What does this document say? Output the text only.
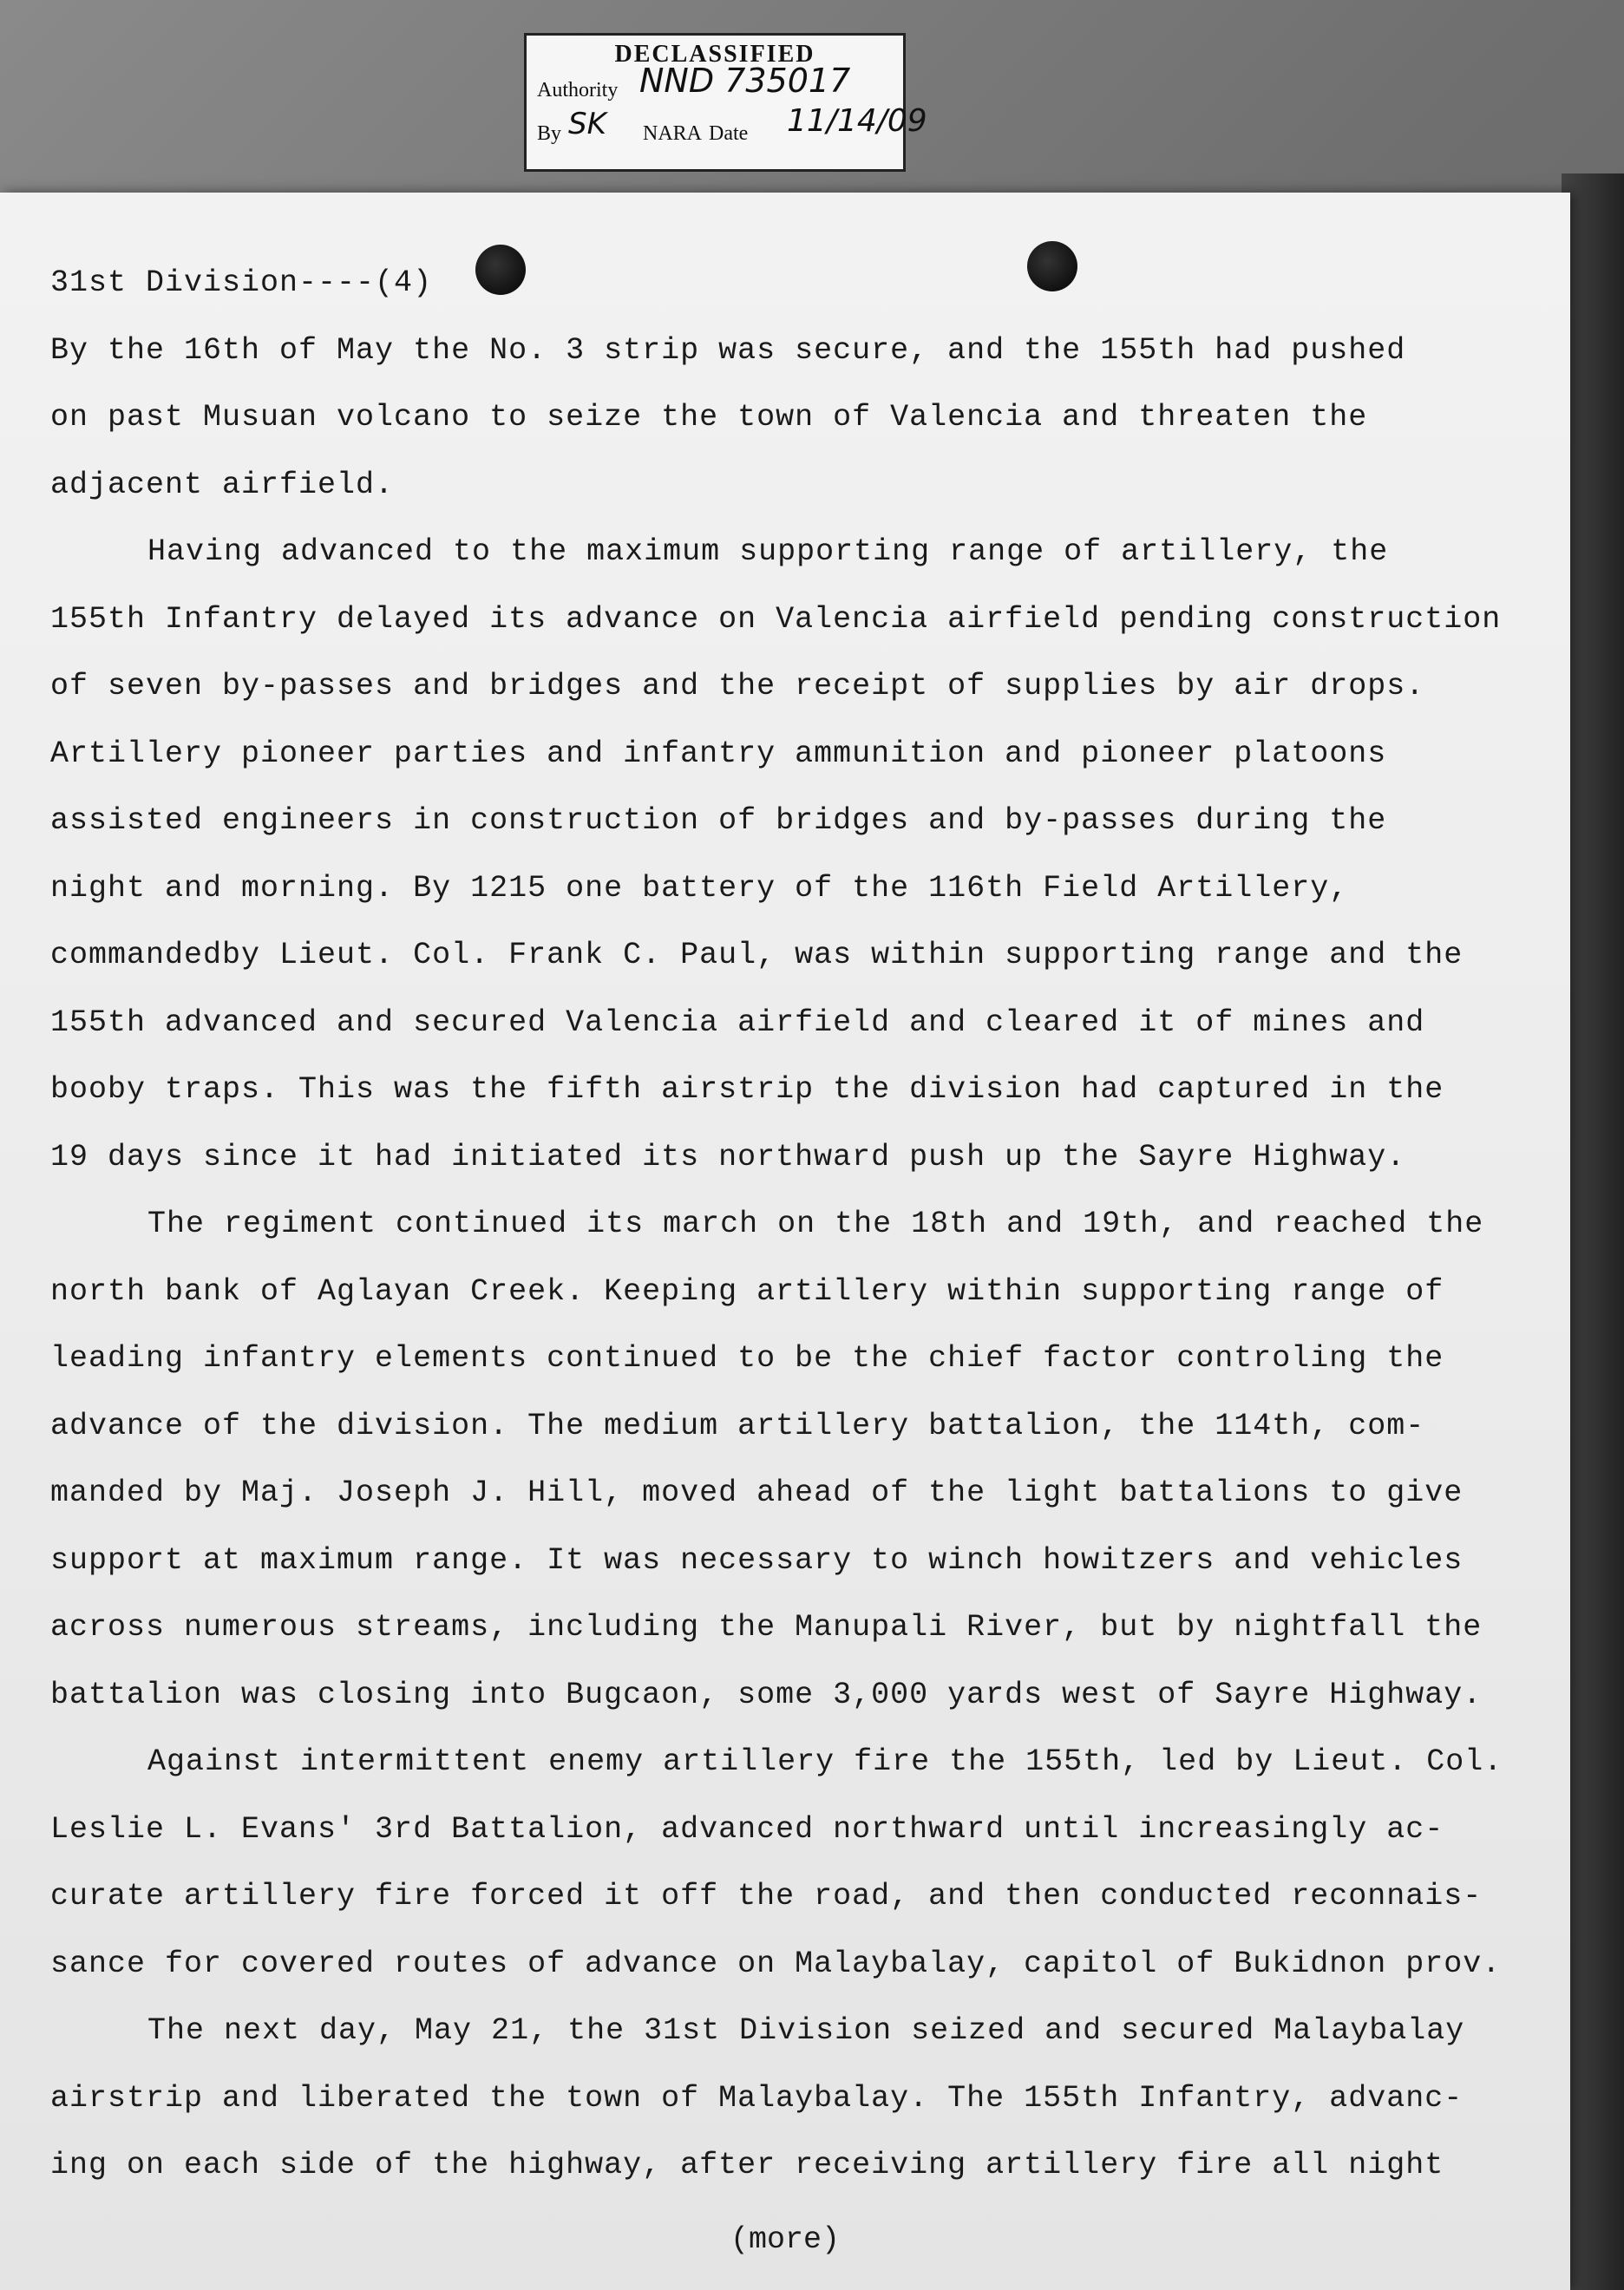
DECLASSIFIED
Authority NND 735017
By SK NARA Date 11/14/09
31st Division----(4)
By the 16th of May the No. 3 strip was secure, and the 155th had pushed
on past Musuan volcano to seize the town of Valencia and threaten the
adjacent airfield.
Having advanced to the maximum supporting range of artillery, the
155th Infantry delayed its advance on Valencia airfield pending construction
of seven by-passes and bridges and the receipt of supplies by air drops.
Artillery pioneer parties and infantry ammunition and pioneer platoons
assisted engineers in construction of bridges and by-passes during the
night and morning. By 1215 one battery of the 116th Field Artillery,
commandedby Lieut. Col. Frank C. Paul, was within supporting range and the
155th advanced and secured Valencia airfield and cleared it of mines and
booby traps. This was the fifth airstrip the division had captured in the
19 days since it had initiated its northward push up the Sayre Highway.
The regiment continued its march on the 18th and 19th, and reached the
north bank of Aglayan Creek. Keeping artillery within supporting range of
leading infantry elements continued to be the chief factor controling the
advance of the division. The medium artillery battalion, the 114th, com-
manded by Maj. Joseph J. Hill, moved ahead of the light battalions to give
support at maximum range. It was necessary to winch howitzers and vehicles
across numerous streams, including the Manupali River, but by nightfall the
battalion was closing into Bugcaon, some 3,000 yards west of Sayre Highway.
Against intermittent enemy artillery fire the 155th, led by Lieut. Col.
Leslie L. Evans' 3rd Battalion, advanced northward until increasingly ac-
curate artillery fire forced it off the road, and then conducted reconnais-
sance for covered routes of advance on Malaybalay, capitol of Bukidnon prov.
The next day, May 21, the 31st Division seized and secured Malaybalay
airstrip and liberated the town of Malaybalay. The 155th Infantry, advanc-
ing on each side of the highway, after receiving artillery fire all night
(more)
